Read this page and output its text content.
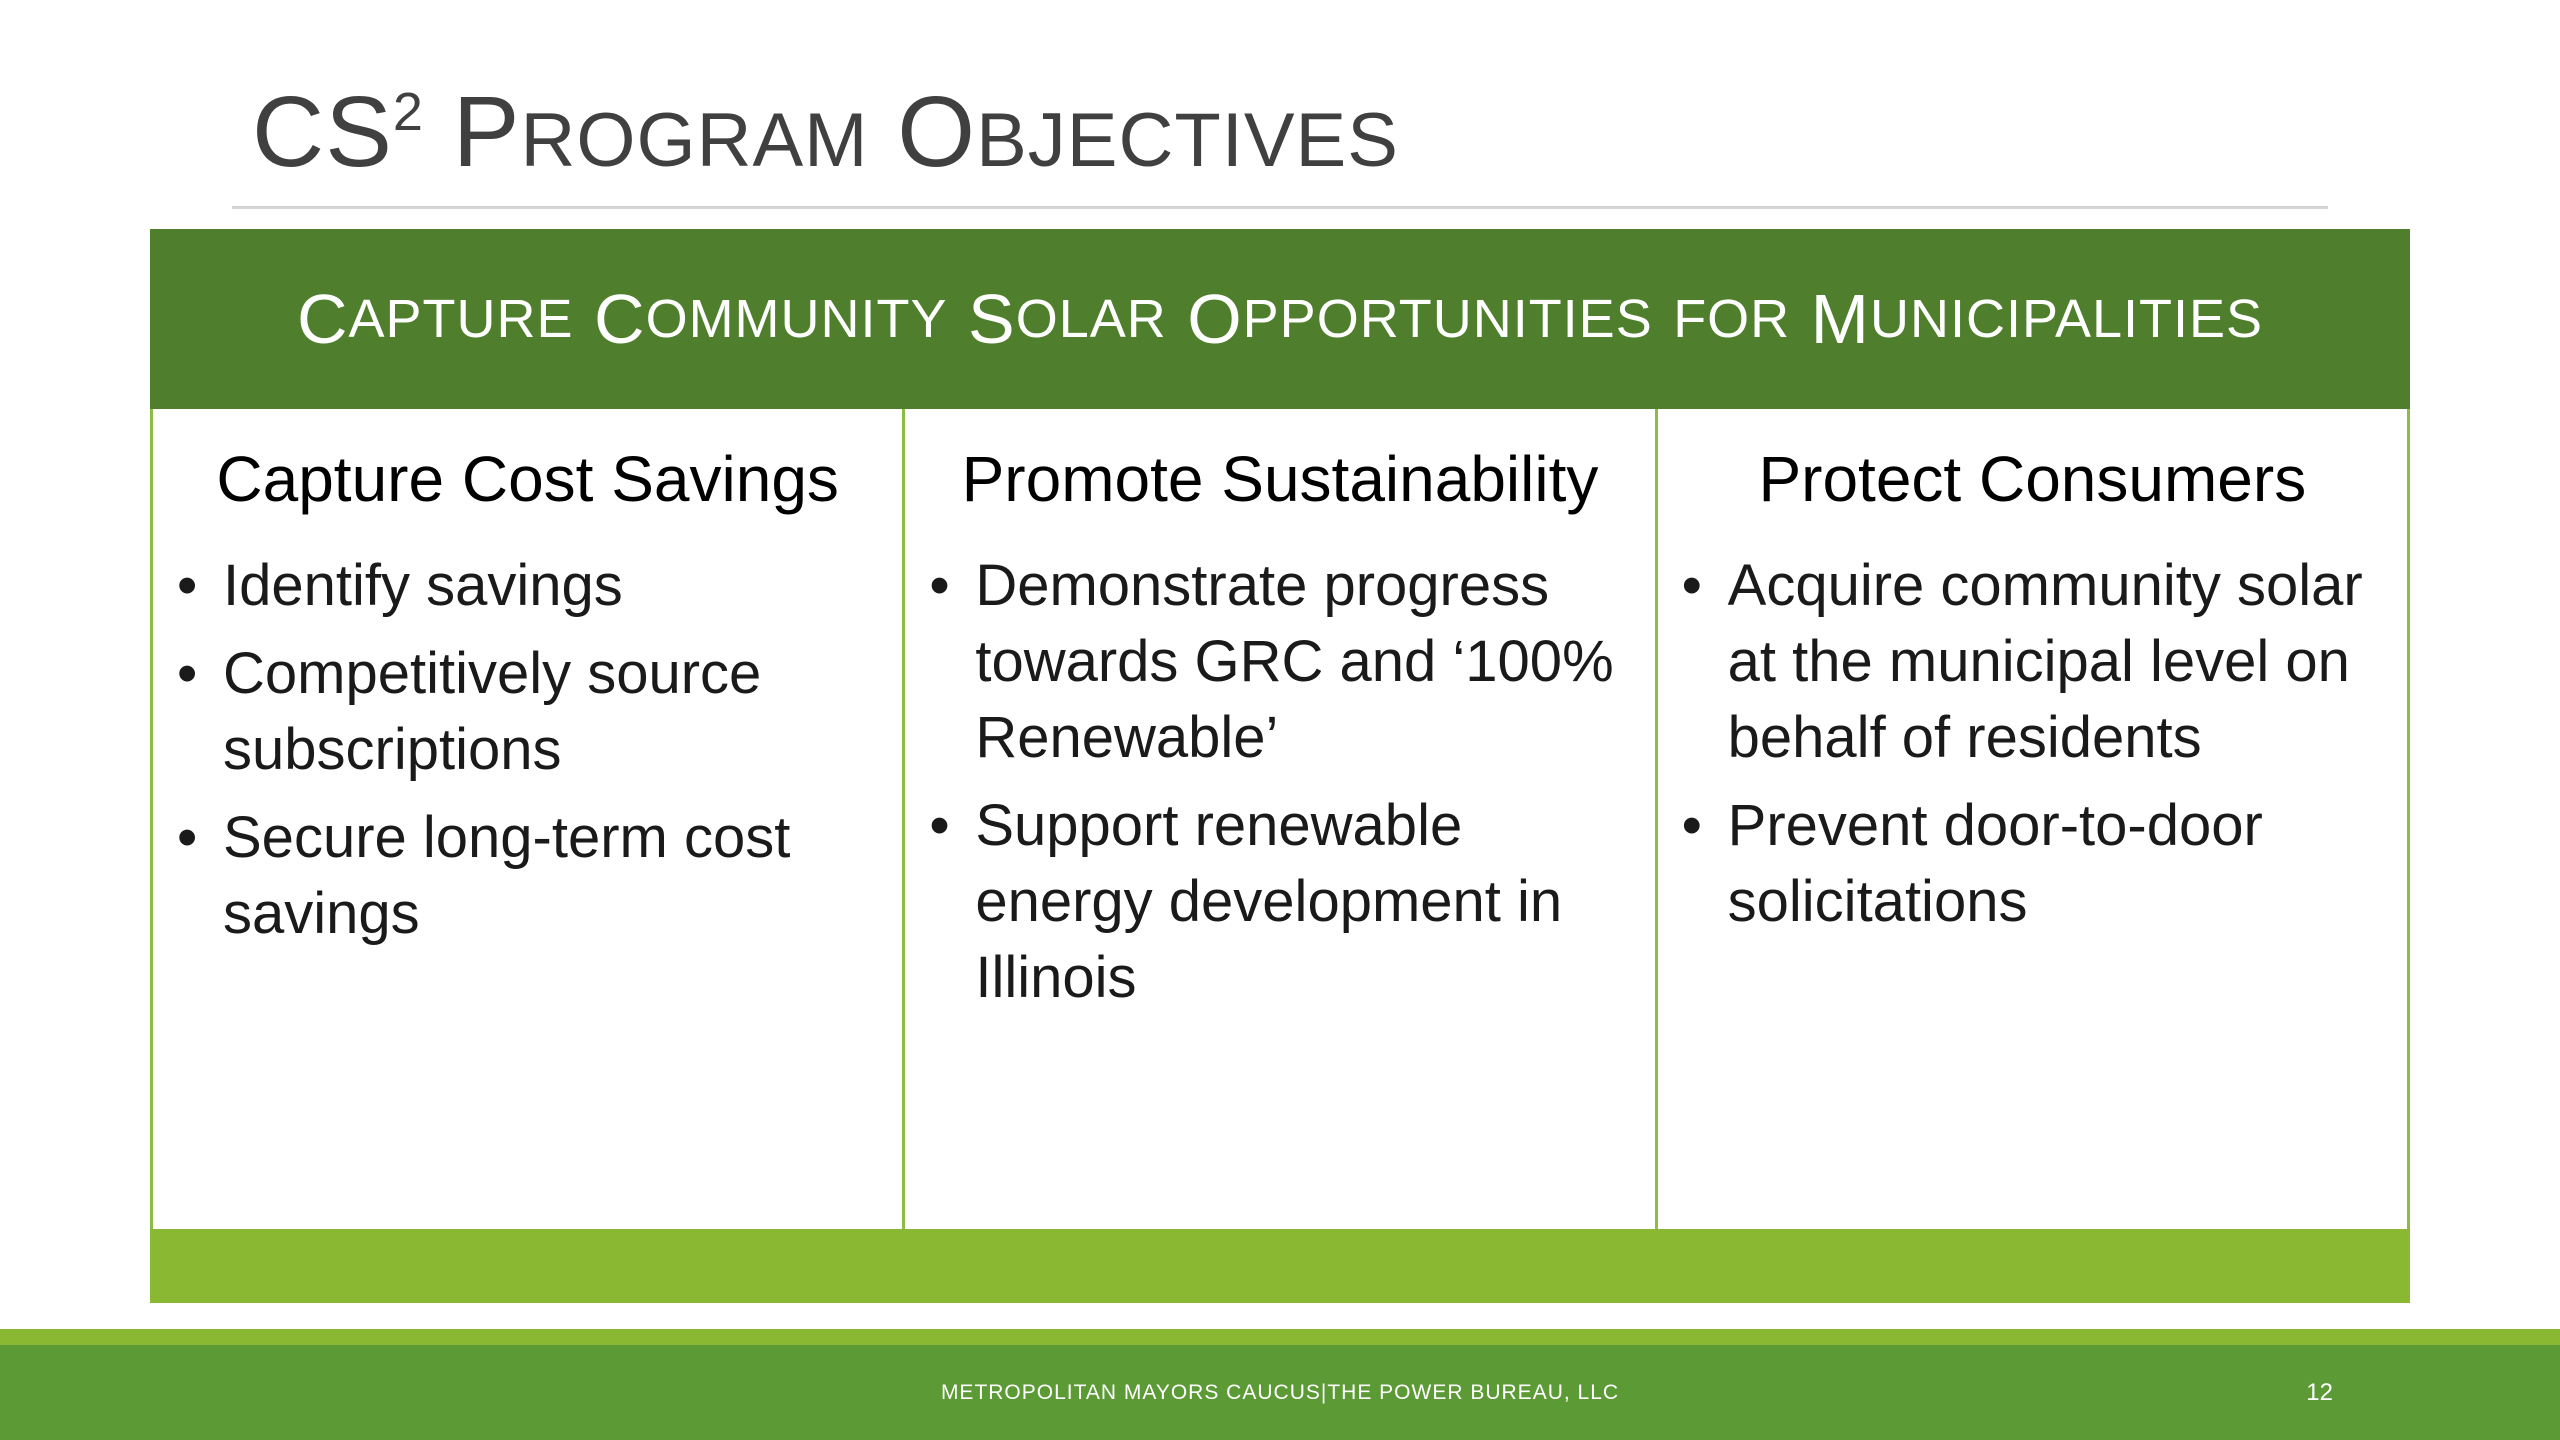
$CS^2$ PROGRAM OBJECTIVES
C APTURE
C OMMUNITY
S OLAR
O PPORTUNITIES
FOR
M UNICIPALITIES
Capture Cost Savings
• Identify savings
• Competitively source subscriptions
• Secure long-term cost savings
Promote Sustainability
• Demonstrate progress towards GRC and ‘100% Renewable’
• Support renewable energy development in Illinois
Protect Consumers
• Acquire community solar at the municipal level on behalf of residents
• Prevent door-to-door solicitations
METROPOLITAN MAYORS CAUCUS | THE POWER BUREAU, LLC	12
